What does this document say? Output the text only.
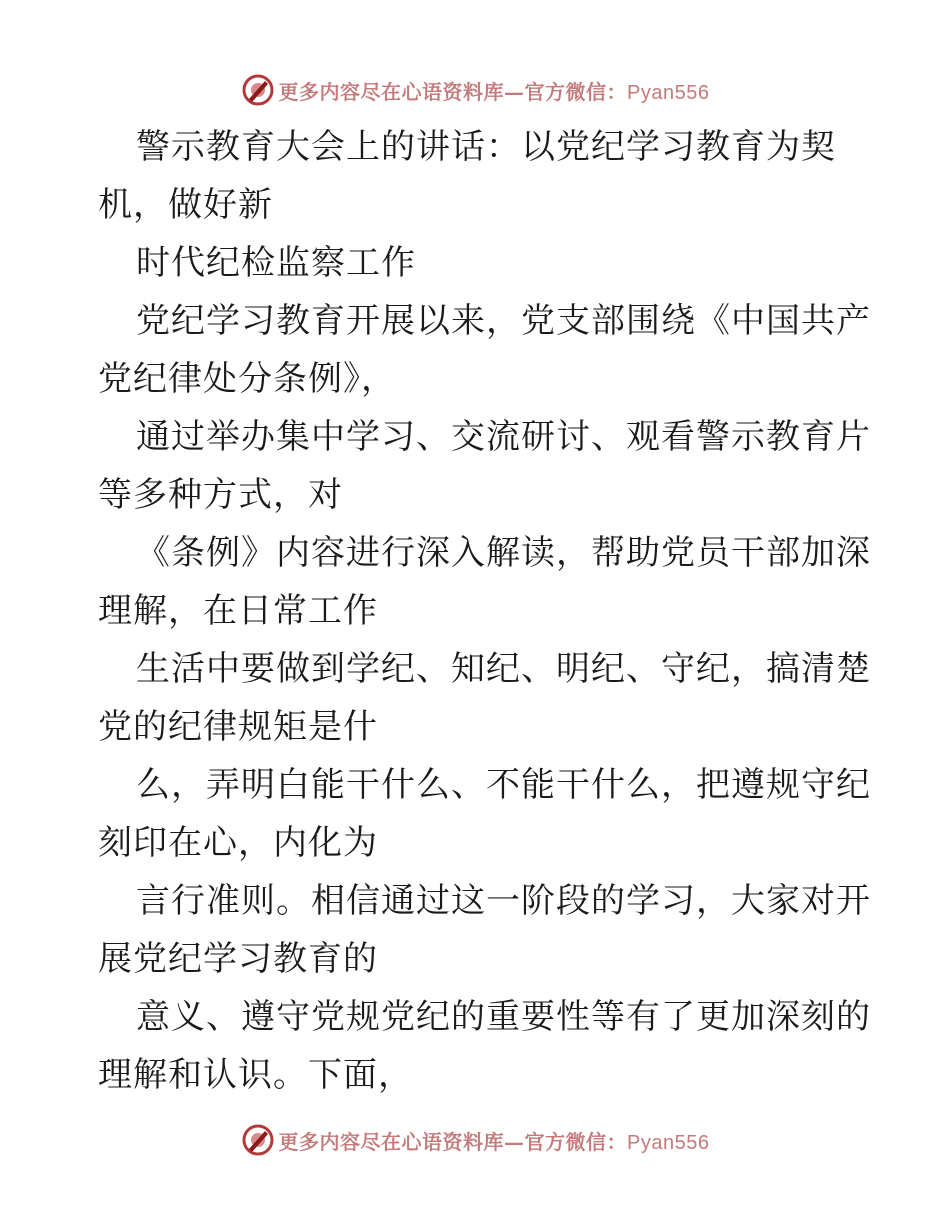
更多内容尽在心语资料库—官方微信：Pyan556
警示教育大会上的讲话：以党纪学习教育为契
机，做好新
时代纪检监察工作
党纪学习教育开展以来，党支部围绕《中国共产
党纪律处分条例》，
通过举办集中学习、交流研讨、观看警示教育片
等多种方式，对
《条例》内容进行深入解读，帮助党员干部加深
理解，在日常工作
生活中要做到学纪、知纪、明纪、守纪，搞清楚
党的纪律规矩是什
么，弄明白能干什么、不能干什么，把遵规守纪
刻印在心，内化为
言行准则。相信通过这一阶段的学习，大家对开
展党纪学习教育的
意义、遵守党规党纪的重要性等有了更加深刻的
理解和认识。下面，
更多内容尽在心语资料库—官方微信：Pyan556
